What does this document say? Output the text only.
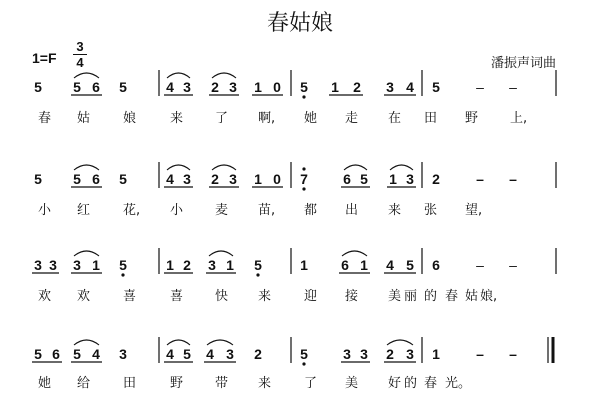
春姑娘
1=F
3
4	潘振声词曲
5 5 6 5	4 3 2 3 1 0 5 1 2 3 4 5	– –
春 姑	娘	来 了 啊, 她 走 在 田 野 上,
5 5 6 5	4 3 2 3 1 0 7	6 5 1 3 2	– –
小 红	花, 小 麦 苗, 都 出 来 张 望,
3 3 3 1 5	1 2 3 1 5	1 6 1 4 5 6	– –
欢 欢	喜	喜 快 来	迎 接 美 丽 的 春 姑 娘,
5 6 5 4 3	4 5 4 3 2	5	3 3 2 3 1	– –
她 给	田	野 带 来	了 美 好 的 春 光。
